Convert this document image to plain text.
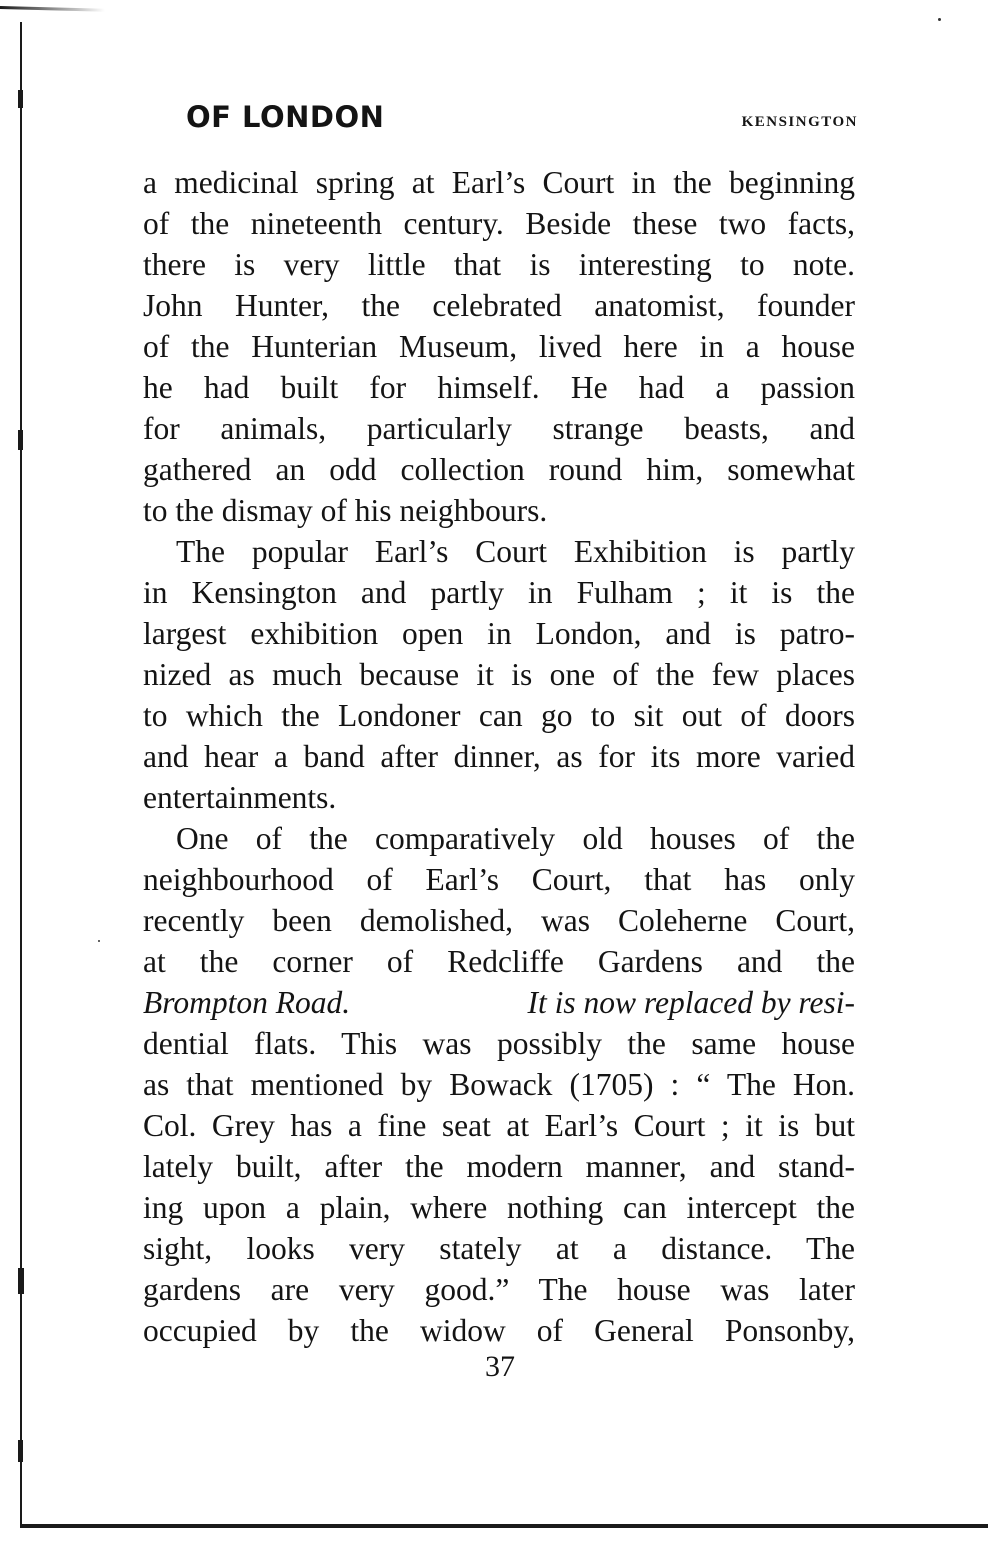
OF LONDON	KENSINGTON
a medicinal spring at Earl’s Court in the beginning
of the nineteenth century. Beside these two facts,
there is very little that is interesting to note.
John Hunter, the celebrated anatomist, founder
of the Hunterian Museum, lived here in a house
he had built for himself. He had a passion
for animals, particularly strange beasts, and
gathered an odd collection round him, somewhat
to the dismay of his neighbours.
The popular Earl’s Court Exhibition is partly
in Kensington and partly in Fulham ; it is the
largest exhibition open in London, and is patro-
nized as much because it is one of the few places
to which the Londoner can go to sit out of doors
and hear a band after dinner, as for its more varied
entertainments.
One of the comparatively old houses of the
neighbourhood of Earl’s Court, that has only
recently been demolished, was Coleherne Court,
at the corner of Redcliffe Gardens and the
Brompton Road.	It is now replaced by resi-
dential flats. This was possibly the same house
as that mentioned by Bowack (1705) : “ The Hon.
Col. Grey has a fine seat at Earl’s Court ; it is but
lately built, after the modern manner, and stand-
ing upon a plain, where nothing can intercept the
sight, looks very stately at a distance. The
gardens are very good.” The house was later
occupied by the widow of General Ponsonby,
37
